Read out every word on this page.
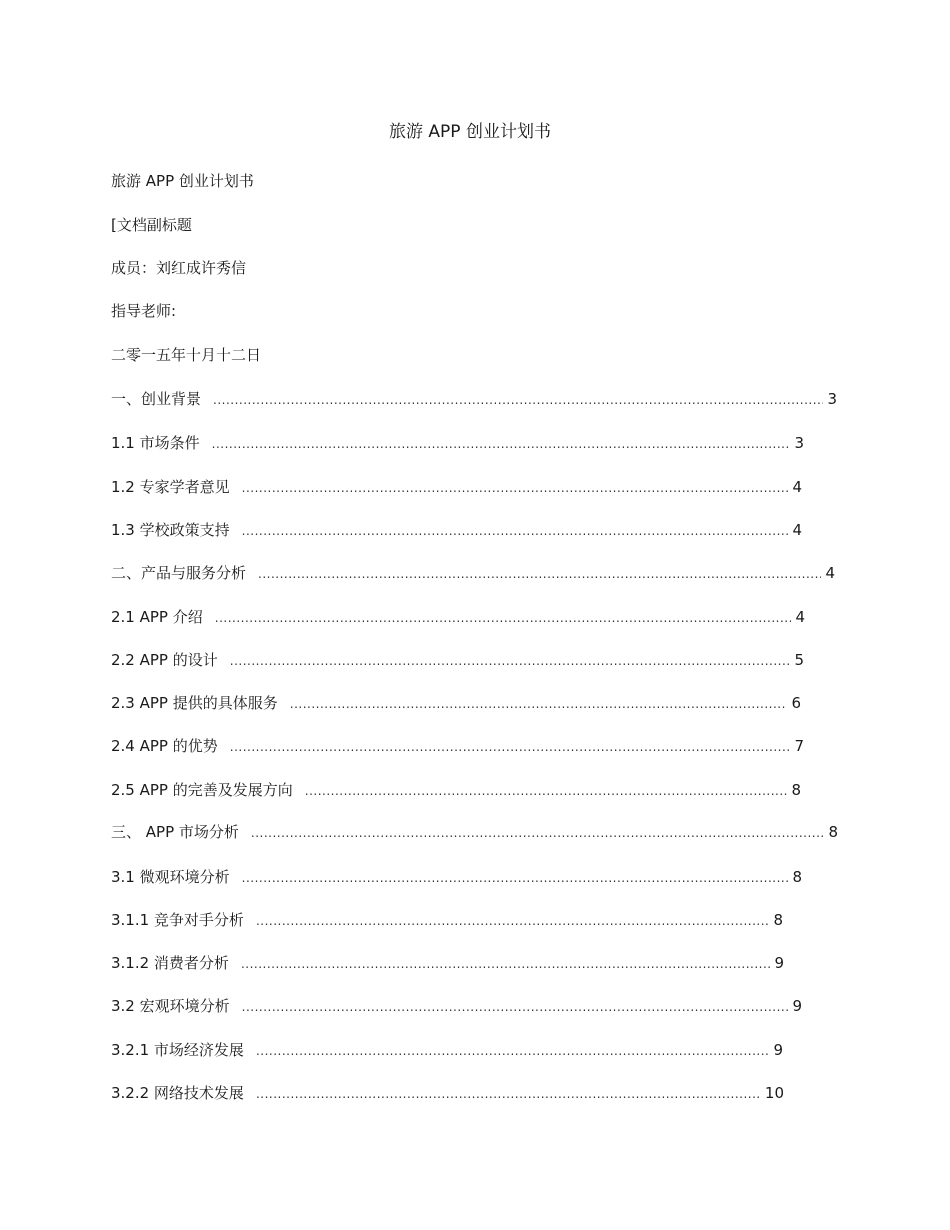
旅游 APP 创业计划书
旅游 APP 创业计划书
[文档副标题
成员：刘红成许秀信
指导老师:
二零一五年十月十二日
一、创业背景 .....	3
1.1 市场条件 .....	3
1.2 专家学者意见 .....	4
1.3 学校政策支持 .....	4
二、产品与服务分析 .....	4
2.1 APP 介绍 .....	4
2.2 APP 的设计 .....	5
2.3 APP 提供的具体服务 .....	6
2.4 APP 的优势 .....	7
2.5 APP 的完善及发展方向 .....	8
三、 APP 市场分析 .....	8
3.1 微观环境分析 .....	8
3.1.1 竞争对手分析 .....	8
3.1.2 消费者分析 .....	9
3.2 宏观环境分析 .....	9
3.2.1 市场经济发展 .....	9
3.2.2 网络技术发展 .....	10
